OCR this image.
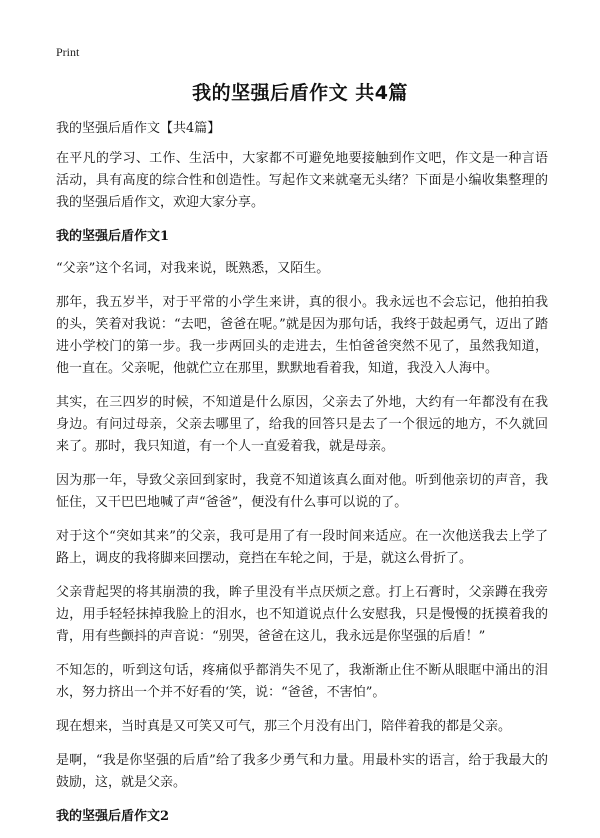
Print
我的坚强后盾作文 共4篇

我的坚强后盾作文【共4篇】

在平凡的学习、工作、生活中，大家都不可避免地要接触到作文吧，作文是一种言语活动，具有高度的综合性和创造性。写起作文来就毫无头绪？下面是小编收集整理的我的坚强后盾作文，欢迎大家分享。

我的坚强后盾作文1

“父亲”这个名词，对我来说，既熟悉，又陌生。

那年，我五岁半，对于平常的小学生来讲，真的很小。我永远也不会忘记，他拍拍我的头，笑着对我说：“去吧，爸爸在呢。”就是因为那句话，我终于鼓起勇气，迈出了踏进小学校门的第一步。我一步两回头的走进去，生怕爸爸突然不见了，虽然我知道，他一直在。父亲呢，他就伫立在那里，默默地看着我，知道，我没入人海中。

其实，在三四岁的时候，不知道是什么原因，父亲去了外地，大约有一年都没有在我身边。有问过母亲，父亲去哪里了，给我的回答只是去了一个很远的地方，不久就回来了。那时，我只知道，有一个人一直爱着我，就是母亲。

因为那一年，导致父亲回到家时，我竟不知道该真么面对他。听到他亲切的声音，我怔住，又干巴巴地喊了声“爸爸”，便没有什么事可以说的了。

对于这个“突如其来”的父亲，我可是用了有一段时间来适应。在一次他送我去上学了路上，调皮的我将脚来回摆动，竟挡在车轮之间，于是，就这么骨折了。

父亲背起哭的将其崩溃的我，眸子里没有半点厌烦之意。打上石膏时，父亲蹲在我旁边，用手轻轻抹掉我脸上的泪水，也不知道说点什么安慰我，只是慢慢的抚摸着我的背，用有些颤抖的声音说：“别哭，爸爸在这儿，我永远是你坚强的后盾！”

不知怎的，听到这句话，疼痛似乎都消失不见了，我渐渐止住不断从眼眶中涌出的泪水，努力挤出一个并不好看的‘笑，说：“爸爸，不害怕”。

现在想来，当时真是又可笑又可气，那三个月没有出门，陪伴着我的都是父亲。

是啊，“我是你坚强的后盾”给了我多少勇气和力量。用最朴实的语言，给于我最大的鼓励，这，就是父亲。

我的坚强后盾作文2
